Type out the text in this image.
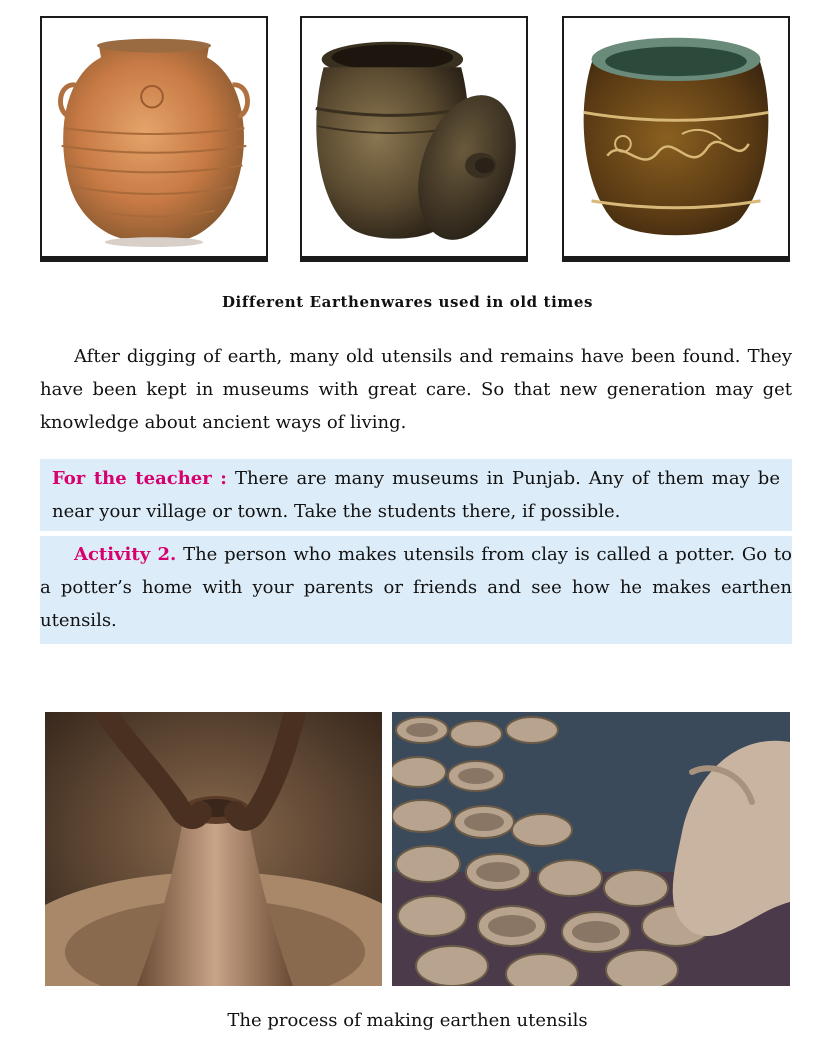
Different Earthenwares used in old times
After digging of earth, many old utensils and remains have been found. They have been kept in museums with great care. So that new generation may get knowledge about ancient ways of living.
For the teacher : There are many museums in Punjab. Any of them may be near your village or town. Take the students there, if possible.
Activity 2. The person who makes utensils from clay is called a potter. Go to a potter’s home with your parents or friends and see how he makes earthen utensils.
The process of making earthen utensils
